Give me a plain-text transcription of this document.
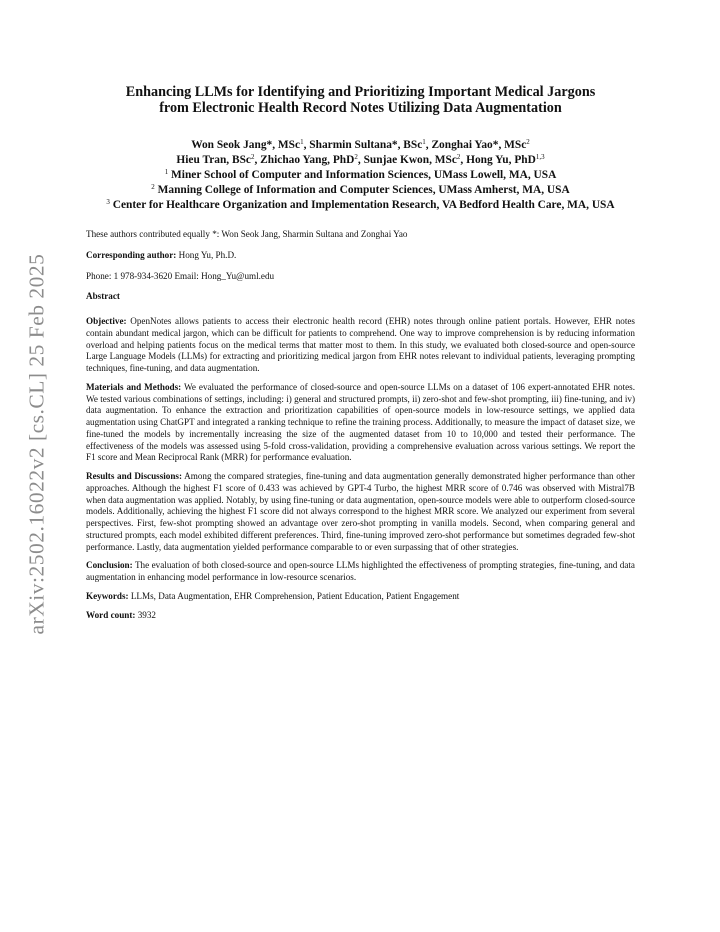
arXiv:2502.16022v2 [cs.CL] 25 Feb 2025
Enhancing LLMs for Identifying and Prioritizing Important Medical Jargons
from Electronic Health Record Notes Utilizing Data Augmentation
Won Seok Jang*, MSc$^1$, Sharmin Sultana*, BSc$^1$, Zonghai Yao*, MSc$^2$
Hieu Tran, BSc$^2$, Zhichao Yang, PhD$^2$, Sunjae Kwon, MSc$^2$, Hong Yu, PhD$^{1,3}$
$^1$ Miner School of Computer and Information Sciences, UMass Lowell, MA, USA
$^2$ Manning College of Information and Computer Sciences, UMass Amherst, MA, USA
$^3$ Center for Healthcare Organization and Implementation Research, VA Bedford Health Care, MA, USA

These authors contributed equally *: Won Seok Jang, Sharmin Sultana and Zonghai Yao

Corresponding author: Hong Yu, Ph.D.

Phone: 1 978-934-3620 Email: Hong_Yu@uml.edu

Abstract

Objective: OpenNotes allows patients to access their electronic health record (EHR) notes through online patient portals. However, EHR notes contain abundant medical jargon, which can be difficult for patients to comprehend. One way to improve comprehension is by reducing information overload and helping patients focus on the medical terms that matter most to them. In this study, we evaluated both closed-source and open-source Large Language Models (LLMs) for extracting and prioritizing medical jargon from EHR notes relevant to individual patients, leveraging prompting techniques, fine-tuning, and data augmentation.

Materials and Methods: We evaluated the performance of closed-source and open-source LLMs on a dataset of 106 expert-annotated EHR notes. We tested various combinations of settings, including: i) general and structured prompts, ii) zero-shot and few-shot prompting, iii) fine-tuning, and iv) data augmentation. To enhance the extraction and prioritization capabilities of open-source models in low-resource settings, we applied data augmentation using ChatGPT and integrated a ranking technique to refine the training process. Additionally, to measure the impact of dataset size, we fine-tuned the models by incrementally increasing the size of the augmented dataset from 10 to 10,000 and tested their performance. The effectiveness of the models was assessed using 5-fold cross-validation, providing a comprehensive evaluation across various settings. We report the F1 score and Mean Reciprocal Rank (MRR) for performance evaluation.

Results and Discussions: Among the compared strategies, fine-tuning and data augmentation generally demonstrated higher performance than other approaches. Although the highest F1 score of 0.433 was achieved by GPT-4 Turbo, the highest MRR score of 0.746 was observed with Mistral7B when data augmentation was applied. Notably, by using fine-tuning or data augmentation, open-source models were able to outperform closed-source models. Additionally, achieving the highest F1 score did not always correspond to the highest MRR score. We analyzed our experiment from several perspectives. First, few-shot prompting showed an advantage over zero-shot prompting in vanilla models. Second, when comparing general and structured prompts, each model exhibited different preferences. Third, fine-tuning improved zero-shot performance but sometimes degraded few-shot performance. Lastly, data augmentation yielded performance comparable to or even surpassing that of other strategies.

Conclusion: The evaluation of both closed-source and open-source LLMs highlighted the effectiveness of prompting strategies, fine-tuning, and data augmentation in enhancing model performance in low-resource scenarios.

Keywords: LLMs, Data Augmentation, EHR Comprehension, Patient Education, Patient Engagement

Word count: 3932
